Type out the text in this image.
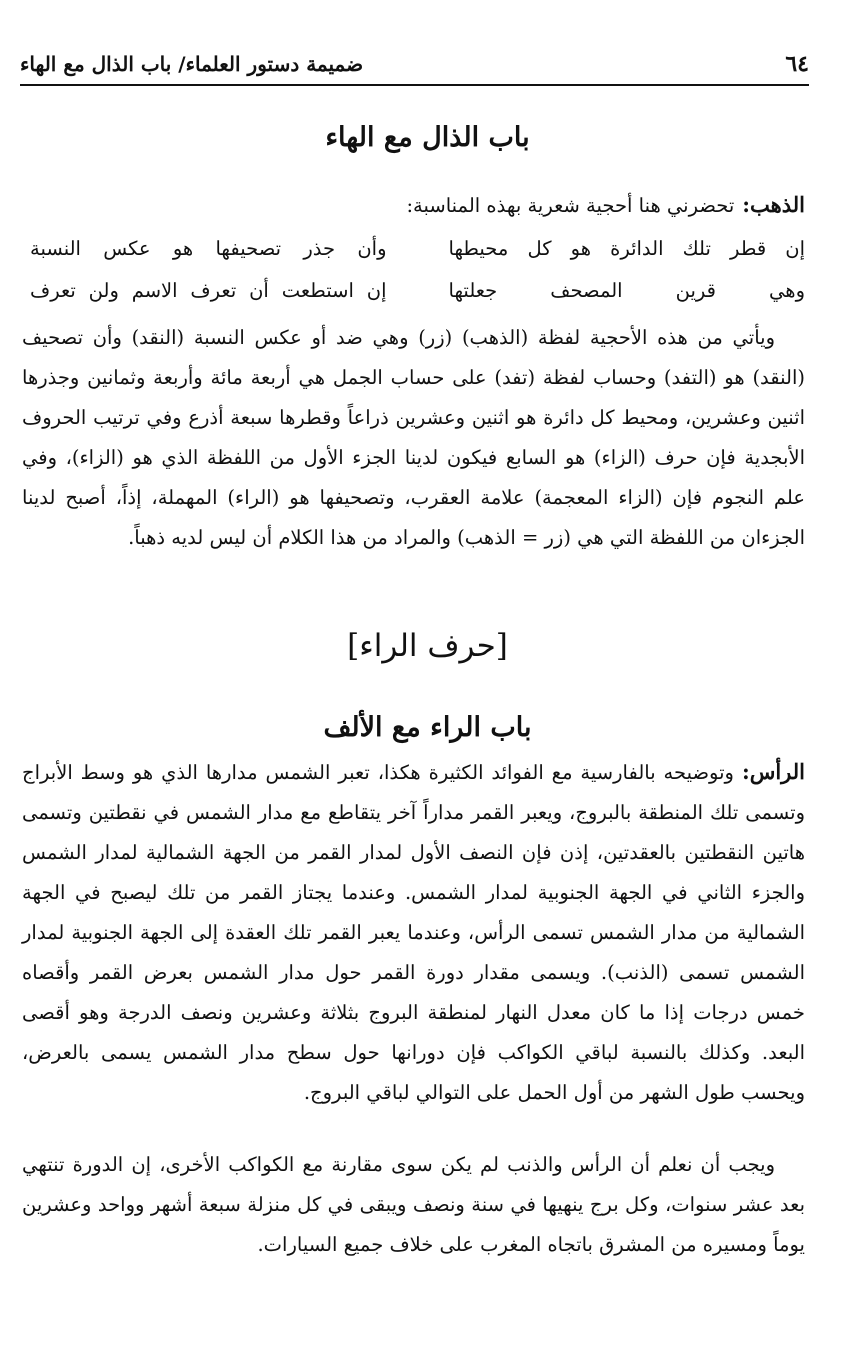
٦٤
ضميمة دستور العلماء/ باب الذال مع الهاء
باب الذال مع الهاء

الذهب:تحضرني هنا أحجية شعرية بهذه المناسبة:

إن قطر تلك الدائرة هو كل محيطها
وأن جذر تصحيفها هو عكس النسبة
وهي قرين المصحف جعلتها
إن استطعت أن تعرف الاسم ولن تعرف

ويأتي من هذه الأحجية لفظة (الذهب) (زر) وهي ضد أو عكس النسبة (النقد) وأن تصحيف (النقد) هو (التفد) وحساب لفظة (تفد) على حساب الجمل هي أربعة مائة وأربعة وثمانين وجذرها اثنين وعشرين، ومحيط كل دائرة هو اثنين وعشرين ذراعاً وقطرها سبعة أذرع وفي ترتيب الحروف الأبجدية فإن حرف (الزاء) هو السابع فيكون لدينا الجزء الأول من اللفظة الذي هو (الزاء)، وفي علم النجوم فإن (الزاء المعجمة) علامة العقرب، وتصحيفها هو (الراء) المهملة، إذاً، أصبح لدينا الجزءان من اللفظة التي هي (زر = الذهب) والمراد من هذا الكلام أن ليس لديه ذهباً.

[حرف الراء]
باب الراء مع الألف

الرأس:وتوضيحه بالفارسية مع الفوائد الكثيرة هكذا، تعبر الشمس مدارها الذي هو وسط الأبراج وتسمى تلك المنطقة بالبروج، ويعبر القمر مداراً آخر يتقاطع مع مدار الشمس في نقطتين وتسمى هاتين النقطتين بالعقدتين، إذن فإن النصف الأول لمدار القمر من الجهة الشمالية لمدار الشمس والجزء الثاني في الجهة الجنوبية لمدار الشمس. وعندما يجتاز القمر من تلك ليصبح في الجهة الشمالية من مدار الشمس تسمى الرأس، وعندما يعبر القمر تلك العقدة إلى الجهة الجنوبية لمدار الشمس تسمى (الذنب). ويسمى مقدار دورة القمر حول مدار الشمس بعرض القمر وأقصاه خمس درجات إذا ما كان معدل النهار لمنطقة البروج بثلاثة وعشرين ونصف الدرجة وهو أقصى البعد. وكذلك بالنسبة لباقي الكواكب فإن دورانها حول سطح مدار الشمس يسمى بالعرض، ويحسب طول الشهر من أول الحمل على التوالي لباقي البروج.

ويجب أن نعلم أن الرأس والذنب لم يكن سوى مقارنة مع الكواكب الأخرى، إن الدورة تنتهي بعد عشر سنوات، وكل برج ينهيها في سنة ونصف ويبقى في كل منزلة سبعة أشهر وواحد وعشرين يوماً ومسيره من المشرق باتجاه المغرب على خلاف جميع السيارات.
